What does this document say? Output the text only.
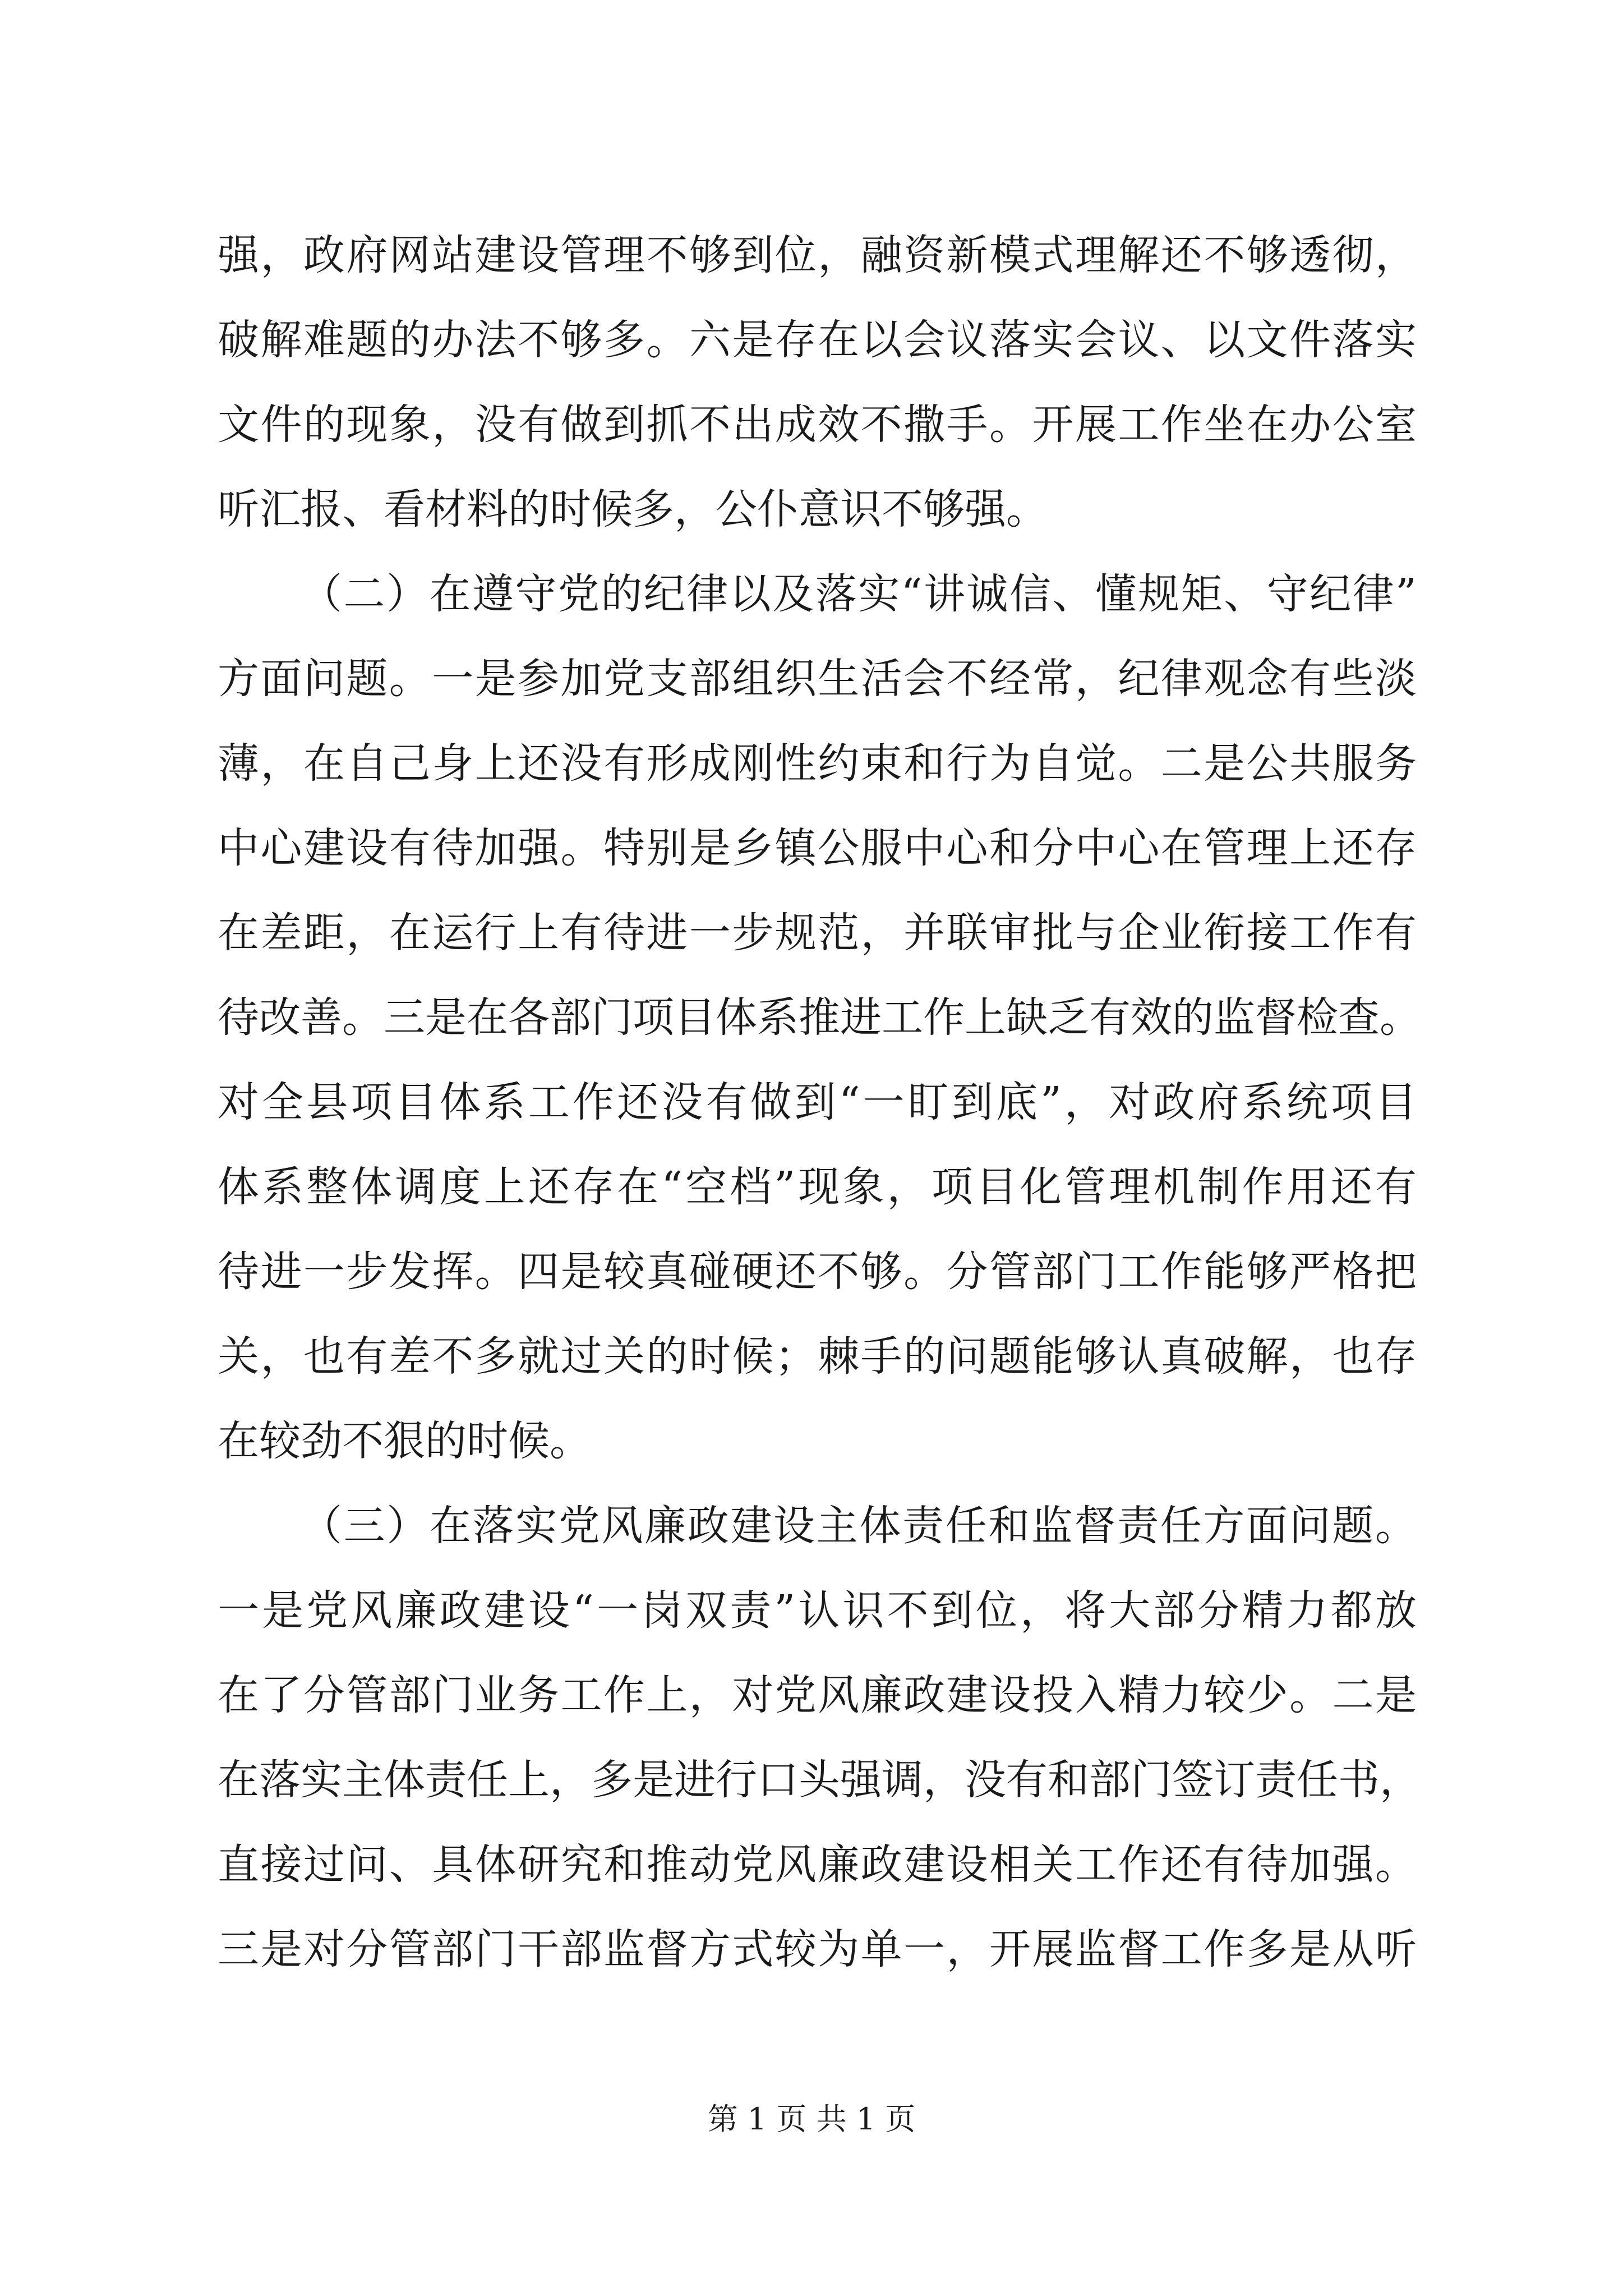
强，政府网站建设管理不够到位，融资新模式理解还不够透彻，
破解难题的办法不够多。六是存在以会议落实会议、以文件落实
文件的现象，没有做到抓不出成效不撒手。开展工作坐在办公室
听汇报、看材料的时候多，公仆意识不够强。
（二）在遵守党的纪律以及落实“讲诚信、懂规矩、守纪律”
方面问题。一是参加党支部组织生活会不经常，纪律观念有些淡
薄，在自己身上还没有形成刚性约束和行为自觉。二是公共服务
中心建设有待加强。特别是乡镇公服中心和分中心在管理上还存
在差距，在运行上有待进一步规范，并联审批与企业衔接工作有
待改善。三是在各部门项目体系推进工作上缺乏有效的监督检查。
对全县项目体系工作还没有做到“一盯到底”，对政府系统项目
体系整体调度上还存在“空档”现象，项目化管理机制作用还有
待进一步发挥。四是较真碰硬还不够。分管部门工作能够严格把
关，也有差不多就过关的时候；棘手的问题能够认真破解，也存
在较劲不狠的时候。
（三）在落实党风廉政建设主体责任和监督责任方面问题。
一是党风廉政建设“一岗双责”认识不到位，将大部分精力都放
在了分管部门业务工作上，对党风廉政建设投入精力较少。二是
在落实主体责任上，多是进行口头强调，没有和部门签订责任书，
直接过问、具体研究和推动党风廉政建设相关工作还有待加强。
三是对分管部门干部监督方式较为单一，开展监督工作多是从听
第 1 页 共 1 页
